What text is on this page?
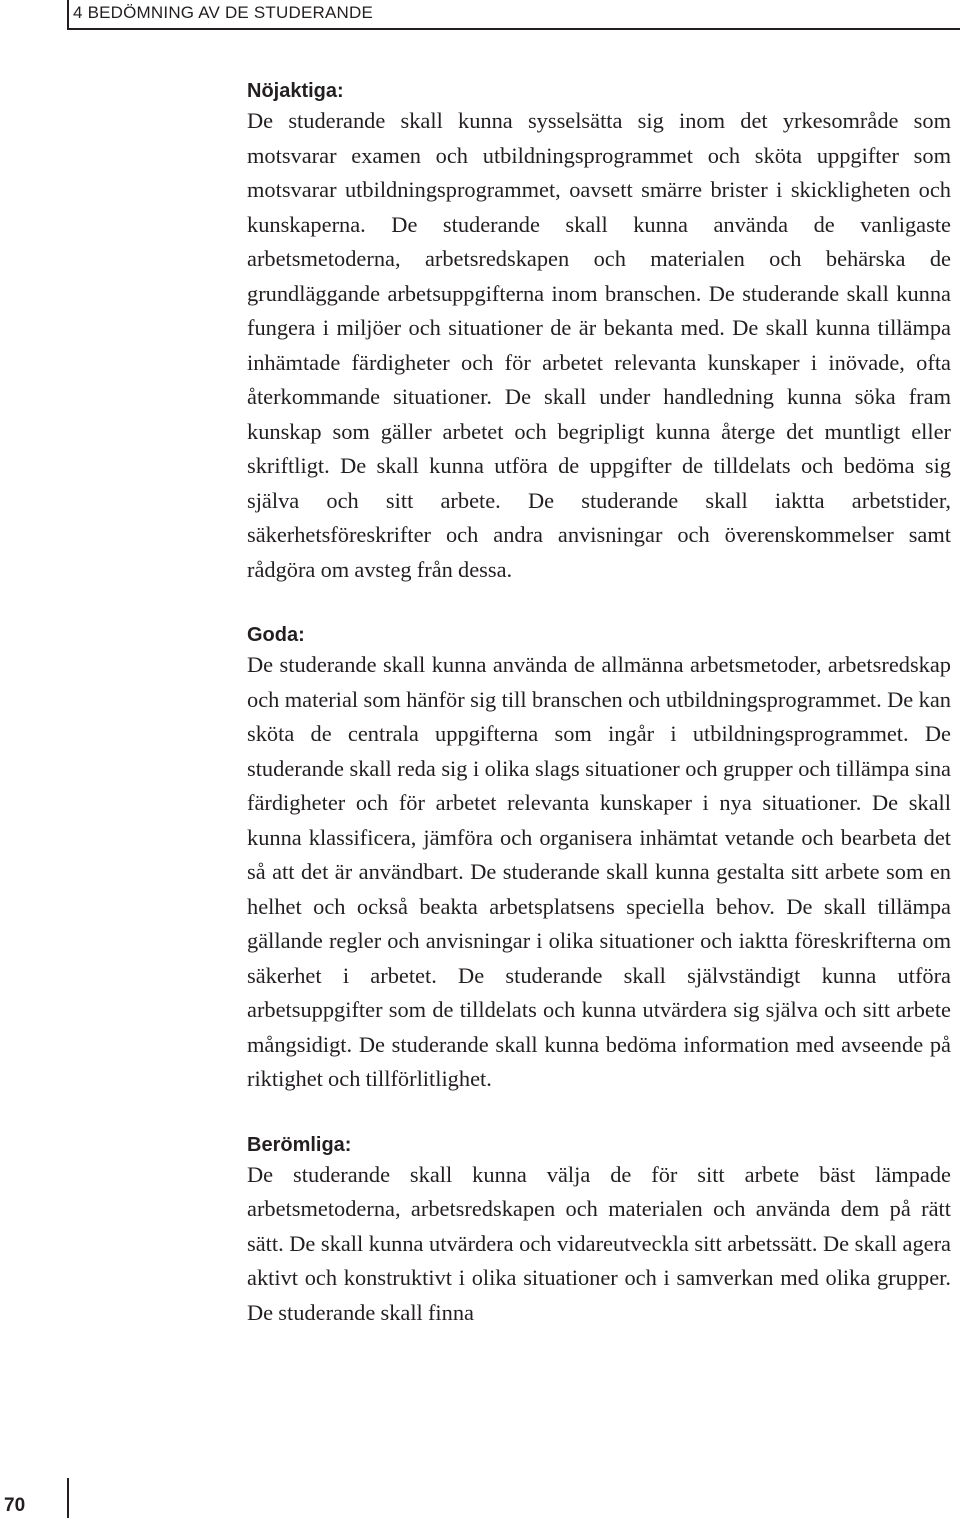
4 BEDÖMNING AV DE STUDERANDE
Nöjaktiga:

De studerande skall kunna sysselsätta sig inom det yrkesområde som motsvarar examen och utbildningsprogrammet och sköta uppgifter som motsvarar utbildningsprogrammet, oavsett smärre brister i skickligheten och kunskaperna. De studerande skall kunna använda de vanligaste arbetsmetoderna, arbetsredskapen och materialen och behärska de grundläggande arbetsuppgifterna inom branschen. De studerande skall kunna fungera i miljöer och situationer de är bekanta med. De skall kunna tillämpa inhämtade färdigheter och för arbetet relevanta kunskaper i inövade, ofta återkommande situationer. De skall under handledning kunna söka fram kunskap som gäller arbetet och begripligt kunna återge det muntligt eller skriftligt. De skall kunna utföra de uppgifter de tilldelats och bedöma sig själva och sitt arbete. De studerande skall iaktta arbetstider, säkerhetsföreskrifter och andra anvisningar och överenskommelser samt rådgöra om avsteg från dessa.

Goda:

De studerande skall kunna använda de allmänna arbetsmetoder, arbetsredskap och material som hänför sig till branschen och utbildningsprogrammet. De kan sköta de centrala uppgifterna som ingår i utbildningsprogrammet. De studerande skall reda sig i olika slags situationer och grupper och tillämpa sina färdigheter och för arbetet relevanta kunskaper i nya situationer. De skall kunna klassificera, jämföra och organisera inhämtat vetande och bearbeta det så att det är användbart. De studerande skall kunna gestalta sitt arbete som en helhet och också beakta arbetsplatsens speciella behov. De skall tillämpa gällande regler och anvisningar i olika situationer och iaktta föreskrifterna om säkerhet i arbetet. De studerande skall självständigt kunna utföra arbetsuppgifter som de tilldelats och kunna utvärdera sig själva och sitt arbete mångsidigt. De studerande skall kunna bedöma information med avseende på riktighet och tillförlitlighet.

Berömliga:

De studerande skall kunna välja de för sitt arbete bäst lämpade arbetsmetoderna, arbetsredskapen och materialen och använda dem på rätt sätt. De skall kunna utvärdera och vidareutveckla sitt arbetssätt. De skall agera aktivt och konstruktivt i olika situationer och i samverkan med olika grupper. De studerande skall finna

70
